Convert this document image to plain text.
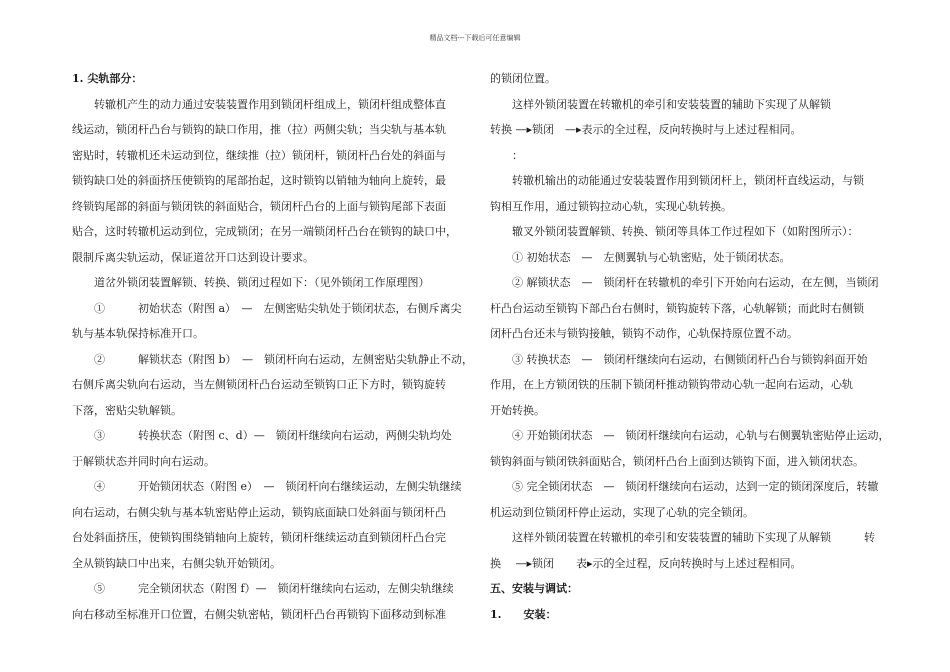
精品文档---下载后可任意编辑

1. 尖轨部分：

转辙机产生的动力通过安装装置作用到锁闭杆组成上，锁闭杆组成整体直

线运动，锁闭杆凸台与锁钩的缺口作用，推（拉）两侧尖轨；当尖轨与基本轨

密贴时，转辙机还未运动到位，继续推（拉）锁闭杆，锁闭杆凸台处的斜面与

锁钩缺口处的斜面挤压使锁钩的尾部抬起，这时锁钩以销轴为轴向上旋转，最

终锁钩尾部的斜面与锁闭铁的斜面贴合，锁闭杆凸台的上面与锁钩尾部下表面

贴合，这时转辙机运动到位，完成锁闭；在另一端锁闭杆凸台在锁钩的缺口中，

限制斥离尖轨运动，保证道岔开口达到设计要求。

道岔外锁闭装置解锁、转换、锁闭过程如下：（见外锁闭工作原理图）

①　　　初始状态（附图 a）　—　左侧密贴尖轨处于锁闭状态，右侧斥离尖

轨与基本轨保持标准开口。

②　　　解锁状态（附图 b）　—　锁闭杆向右运动，左侧密贴尖轨静止不动，

右侧斥离尖轨向右运动，当左侧锁闭杆凸台运动至锁钩口正下方时，锁钩旋转

下落，密贴尖轨解锁。

③　　　转换状态（附图 c、d）—　锁闭杆继续向右运动，两侧尖轨均处

于解锁状态并同时向右运动。

④　　　开始锁闭状态（附图 e）　—　锁闭杆向右继续运动，左侧尖轨继续

向右运动，右侧尖轨与基本轨密贴停止运动，锁钩底面缺口处斜面与锁闭杆凸

台处斜面挤压，使锁钩围绕销轴向上旋转，锁闭杆继续运动直到锁闭杆凸台完

全从锁钩缺口中出来，右侧尖轨开始锁闭。

⑤　　　完全锁闭状态（附图 f）—　锁闭杆继续向右运动，左侧尖轨继续

向右移动至标准开口位置，右侧尖轨密帖，锁闭杆凸台再锁钩下面移动到标准

的锁闭位置。

这样外锁闭装置在转辙机的牵引和安装装置的辅助下实现了从解锁

转换 —▸锁闭　—▸表示的全过程，反向转换时与上述过程相同。

：

转辙机输出的动能通过安装装置作用到锁闭杆上，锁闭杆直线运动，与锁

钩相互作用，通过锁钩拉动心轨，实现心轨转换。

辙叉外锁闭装置解锁、转换、锁闭等具体工作过程如下（如附图所示）：

① 初始状态　—　左侧翼轨与心轨密贴，处于锁闭状态。

② 解锁状态　—　锁闭杆在转辙机的牵引下开始向右运动，在左侧，当锁闭

杆凸台运动至锁钩下部凸台右侧时，锁钩旋转下落，心轨解锁；而此时右侧锁

闭杆凸台还未与锁钩接触，锁钩不动作，心轨保持原位置不动。

③ 转换状态　—　锁闭杆继续向右运动，右侧锁闭杆凸台与锁钩斜面开始

作用，在上方锁闭铁的压制下锁闭杆推动锁钩带动心轨一起向右运动，心轨

开始转换。

④ 开始锁闭状态　—　锁闭杆继续向右运动，心轨与右侧翼轨密贴停止运动，

锁钩斜面与锁闭铁斜面贴合，锁闭杆凸台上面到达锁钩下面，进入锁闭状态。

⑤ 完全锁闭状态　—　锁闭杆继续向右运动，达到一定的锁闭深度后，转辙

机运动到位锁闭杆停止运动，实现了心轨的完全锁闭。

这样外锁闭装置在转辙机的牵引和安装装置的辅助下实现了从解锁　　　转

换　 —▸锁闭　　表▸示的全过程，反向转换时与上述过程相同。

五、安装与调试：

1.　　安装：
